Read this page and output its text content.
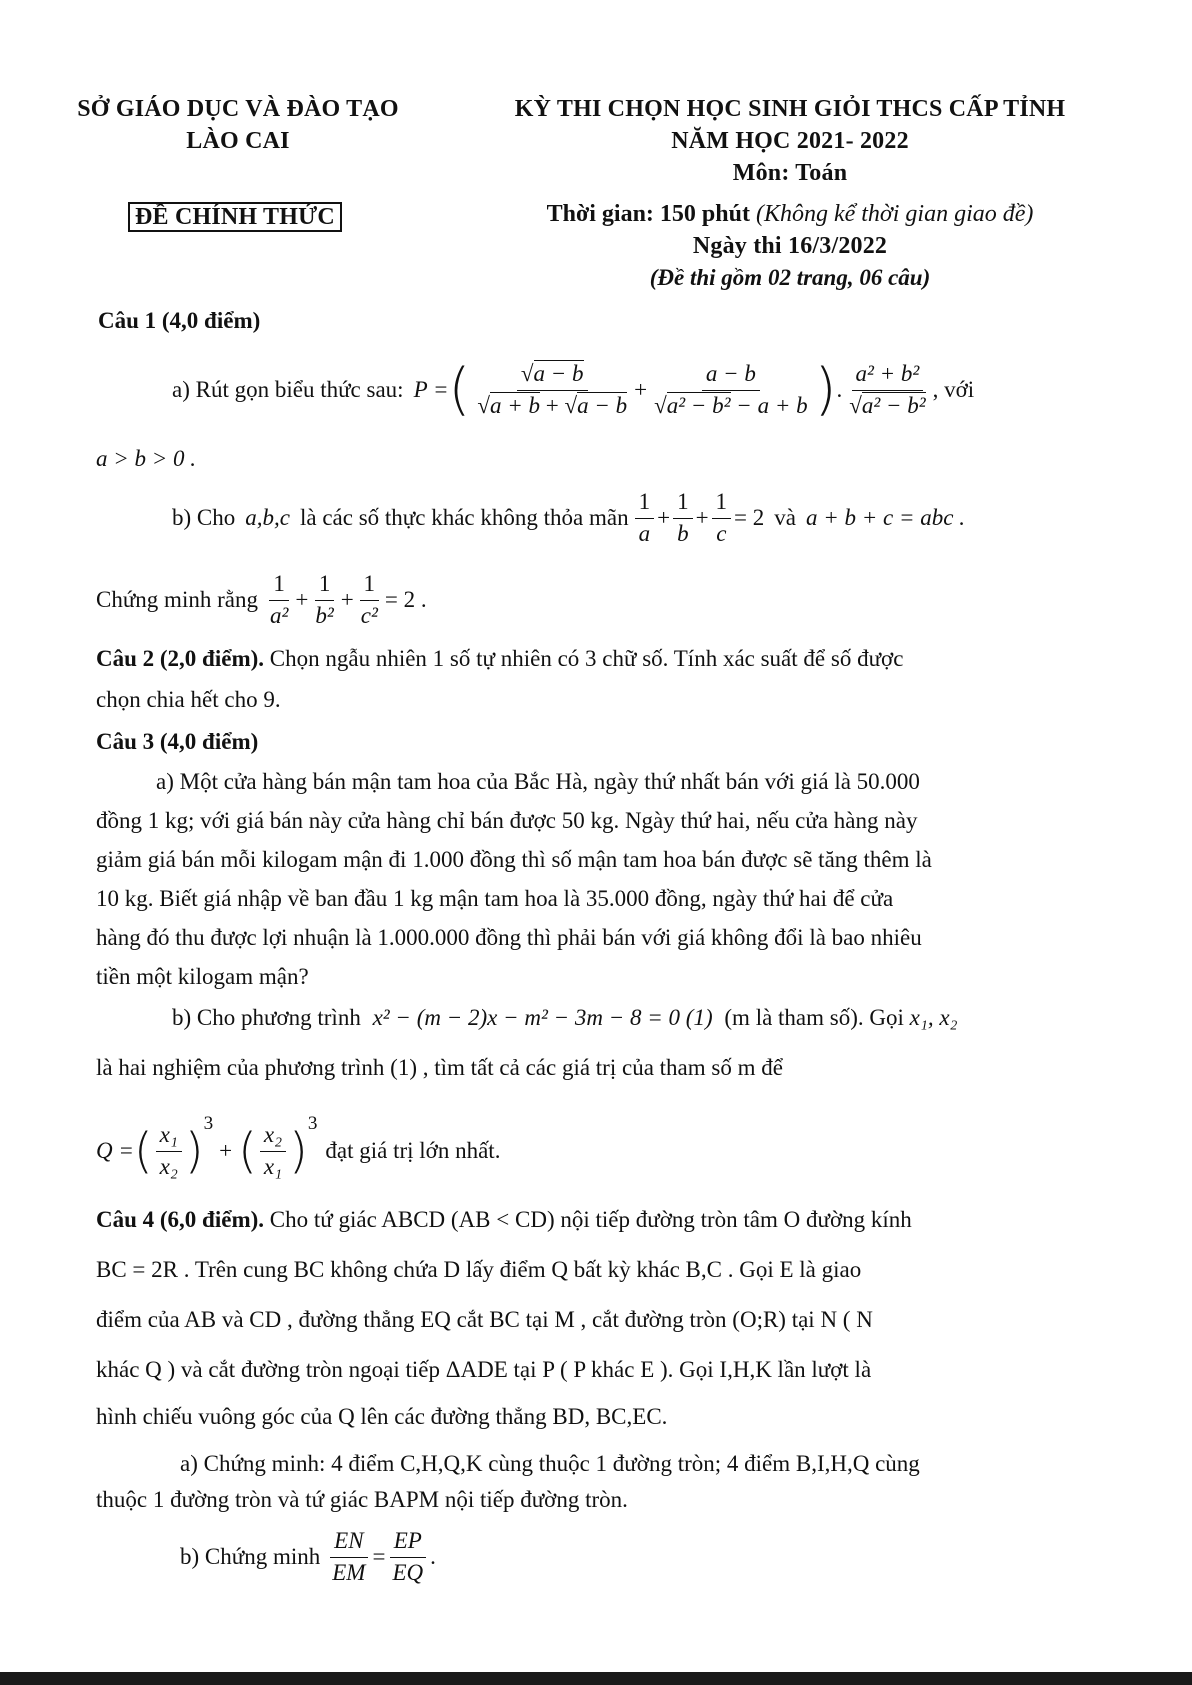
SỞ GIÁO DỤC VÀ ĐÀO TẠO
LÀO CAI
ĐỀ CHÍNH THỨC
KỲ THI CHỌN HỌC SINH GIỎI THCS CẤP TỈNH
NĂM HỌC 2021- 2022
Môn: Toán
Thời gian: 150 phút (Không kể thời gian giao đề)
Ngày thi 16/3/2022
(Đề thi gồm 02 trang, 06 câu)
Câu 1 (4,0 điểm)
a) Rút gọn biểu thức sau: P = ( $\frac{√a - b}{√a + b + √a - b} + \frac{a - b}{\text{√a² − b² − a + b}}$ ) . $\frac{\text{a² + b²}}{\text{√a² − b²}}$ , với
a > b > 0 .
b) Cho a,b,c là các số thực khác không thỏa mãn $\frac{1}{a} + \frac{1}{b} + \frac{1}{c} = 2$ và a + b + c = abc .
Chứng minh rằng $\frac{1}{\text{a²}} + \frac{1}{\text{b²}} + \frac{1}{\text{c²}} = 2$ .
Câu 2 (2,0 điểm). Chọn ngẫu nhiên 1 số tự nhiên có 3 chữ số. Tính xác suất để số được
chọn chia hết cho 9.
Câu 3 (4,0 điểm)
a) Một cửa hàng bán mận tam hoa của Bắc Hà, ngày thứ nhất bán với giá là 50.000
đồng 1 kg; với giá bán này cửa hàng chỉ bán được 50 kg. Ngày thứ hai, nếu cửa hàng này
giảm giá bán mỗi kilogam mận đi 1.000 đồng thì số mận tam hoa bán được sẽ tăng thêm là
10 kg. Biết giá nhập về ban đầu 1 kg mận tam hoa là 35.000 đồng, ngày thứ hai để cửa
hàng đó thu được lợi nhuận là 1.000.000 đồng thì phải bán với giá không đổi là bao nhiêu
tiền một kilogam mận?
b) Cho phương trình x² − (m − 2)x − m² − 3m − 8 = 0 (1) (m là tham số). Gọi x₁, x₂
là hai nghiệm của phương trình (1) , tìm tất cả các giá trị của tham số m để
Q = ( $\frac{\text{x₁}}{\text{x₂}} )^3$
+ ( $\frac{\text{x₂}}{\text{x₁}} )^3$
đạt giá trị lớn nhất.
Câu 4 (6,0 điểm). Cho tứ giác ABCD (AB < CD) nội tiếp đường tròn tâm O đường kính
BC = 2R . Trên cung BC không chứa D lấy điểm Q bất kỳ khác B,C . Gọi E là giao
điểm của AB và CD , đường thẳng EQ cắt BC tại M , cắt đường tròn (O;R) tại N ( N
khác Q ) và cắt đường tròn ngoại tiếp ΔADE tại P ( P khác E ). Gọi I,H,K lần lượt là
hình chiếu vuông góc của Q lên các đường thẳng BD, BC,EC.
a) Chứng minh: 4 điểm C,H,Q,K cùng thuộc 1 đường tròn; 4 điểm B,I,H,Q cùng
thuộc 1 đường tròn và tứ giác BAPM nội tiếp đường tròn.
b) Chứng minh $\frac{EN}{EM} = \frac{EP}{EQ}$ .
